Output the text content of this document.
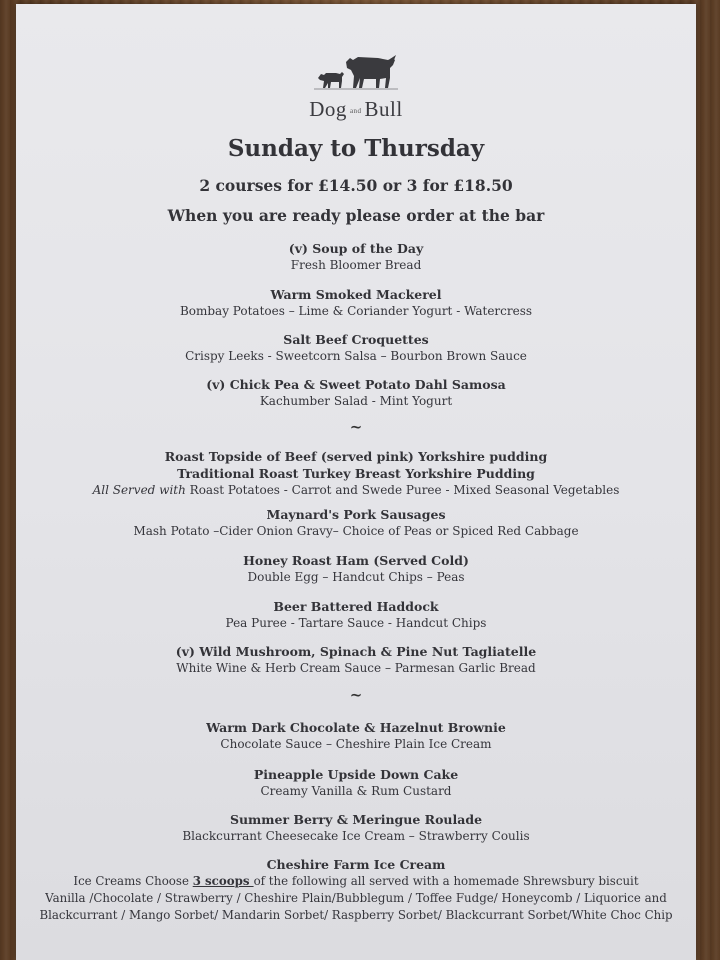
Dog and Bull
Sunday to Thursday
2 courses for £14.50 or 3 for £18.50
When you are ready please order at the bar
(v) Soup of the Day
Fresh Bloomer Bread
Warm Smoked Mackerel
Bombay Potatoes – Lime & Coriander Yogurt - Watercress
Salt Beef Croquettes
Crispy Leeks - Sweetcorn Salsa – Bourbon Brown Sauce
(v) Chick Pea & Sweet Potato Dahl Samosa
Kachumber Salad - Mint Yogurt
~
Roast Topside of Beef (served pink) Yorkshire pudding
Traditional Roast Turkey Breast Yorkshire Pudding
All Served with Roast Potatoes - Carrot and Swede Puree - Mixed Seasonal Vegetables
Maynard's Pork Sausages
Mash Potato –Cider Onion Gravy– Choice of Peas or Spiced Red Cabbage
Honey Roast Ham (Served Cold)
Double Egg – Handcut Chips – Peas
Beer Battered Haddock
Pea Puree - Tartare Sauce - Handcut Chips
(v) Wild Mushroom, Spinach & Pine Nut Tagliatelle
White Wine & Herb Cream Sauce – Parmesan Garlic Bread
~
Warm Dark Chocolate & Hazelnut Brownie
Chocolate Sauce – Cheshire Plain Ice Cream
Pineapple Upside Down Cake
Creamy Vanilla & Rum Custard
Summer Berry & Meringue Roulade
Blackcurrant Cheesecake Ice Cream – Strawberry Coulis
Cheshire Farm Ice Cream
Ice Creams Choose 3 scoops of the following all served with a homemade Shrewsbury biscuit
Vanilla /Chocolate / Strawberry / Cheshire Plain/Bubblegum / Toffee Fudge/ Honeycomb / Liquorice and
Blackcurrant / Mango Sorbet/ Mandarin Sorbet/ Raspberry Sorbet/ Blackcurrant Sorbet/White Choc Chip
